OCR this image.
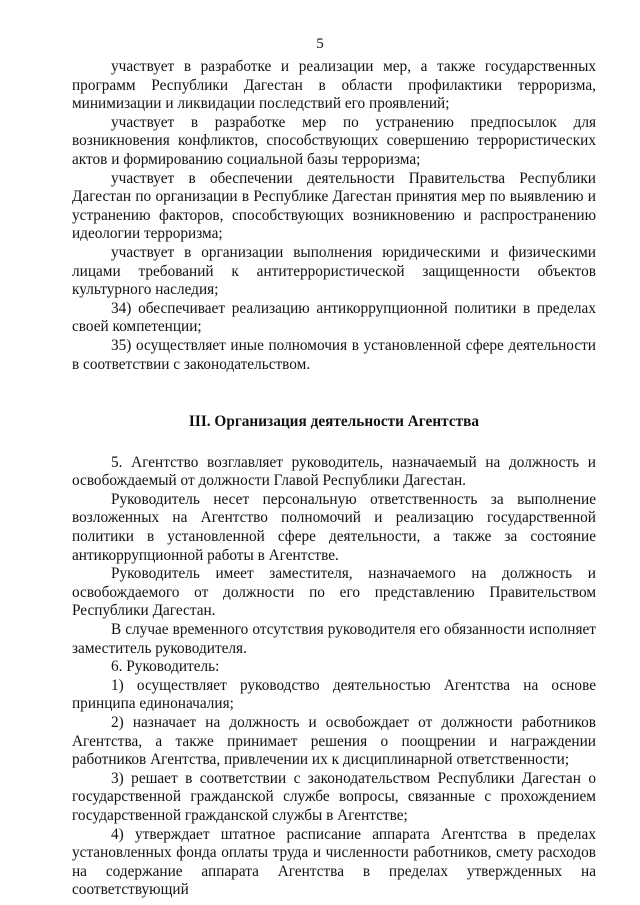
5

участвует в разработке и реализации мер, а также государственных программ Республики Дагестан в области профилактики терроризма, минимизации и ликвидации последствий его проявлений;

участвует в разработке мер по устранению предпосылок для возникновения конфликтов, способствующих совершению террористических актов и формированию социальной базы терроризма;

участвует в обеспечении деятельности Правительства Республики Дагестан по организации в Республике Дагестан принятия мер по выявлению и устранению факторов, способствующих возникновению и распространению идеологии терроризма;

участвует в организации выполнения юридическими и физическими лицами требований к антитеррористической защищенности объектов культурного наследия;

34) обеспечивает реализацию антикоррупционной политики в пределах своей компетенции;

35) осуществляет иные полномочия в установленной сфере деятельности в соответствии с законодательством.

III. Организация деятельности Агентства

5. Агентство возглавляет руководитель, назначаемый на должность и освобождаемый от должности Главой Республики Дагестан.

Руководитель несет персональную ответственность за выполнение возложенных на Агентство полномочий и реализацию государственной политики в установленной сфере деятельности, а также за состояние антикоррупционной работы в Агентстве.

Руководитель имеет заместителя, назначаемого на должность и освобождаемого от должности по его представлению Правительством Республики Дагестан.

В случае временного отсутствия руководителя его обязанности исполняет заместитель руководителя.

6. Руководитель:

1) осуществляет руководство деятельностью Агентства на основе принципа единоначалия;

2) назначает на должность и освобождает от должности работников Агентства, а также принимает решения о поощрении и награждении работников Агентства, привлечении их к дисциплинарной ответственности;

3) решает в соответствии с законодательством Республики Дагестан о государственной гражданской службе вопросы, связанные с прохождением государственной гражданской службы в Агентстве;

4) утверждает штатное расписание аппарата Агентства в пределах установленных фонда оплаты труда и численности работников, смету расходов на содержание аппарата Агентства в пределах утвержденных на соответствующий
